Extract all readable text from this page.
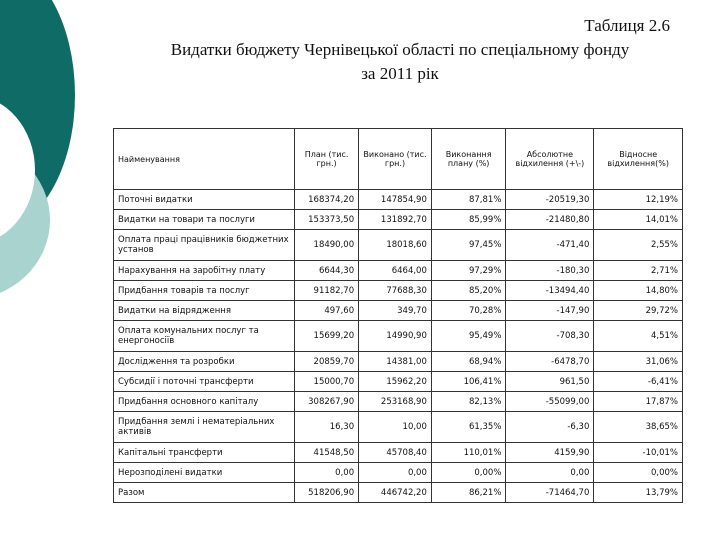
Таблиця 2.6
Видатки бюджету Чернівецької області по спеціальному фонду
за 2011 рік
Найменування	План (тис. грн.)	Виконано (тис. грн.)	Виконання плану (%)	Абсолютне відхилення (+\-)	Відносне відхилення(%)
Поточні видатки	168374,20	147854,90	87,81%	-20519,30	12,19%
Видатки на товари та послуги	153373,50	131892,70	85,99%	-21480,80	14,01%
Оплата праці працівників бюджетних установ	18490,00	18018,60	97,45%	-471,40	2,55%
Нарахування на заробітну плату	6644,30	6464,00	97,29%	-180,30	2,71%
Придбання товарів та послуг	91182,70	77688,30	85,20%	-13494,40	14,80%
Видатки на відрядження	497,60	349,70	70,28%	-147,90	29,72%
Оплата комунальних послуг та енергоносіїв	15699,20	14990,90	95,49%	-708,30	4,51%
Дослідження та розробки	20859,70	14381,00	68,94%	-6478,70	31,06%
Субсидії і поточні трансферти	15000,70	15962,20	106,41%	961,50	-6,41%
Придбання основного капіталу	308267,90	253168,90	82,13%	-55099,00	17,87%
Придбання землі і нематеріальних активів	16,30	10,00	61,35%	-6,30	38,65%
Капітальні трансферти	41548,50	45708,40	110,01%	4159,90	-10,01%
Нерозподілені видатки	0,00	0,00	0,00%	0,00	0,00%
Разом	518206,90	446742,20	86,21%	-71464,70	13,79%
